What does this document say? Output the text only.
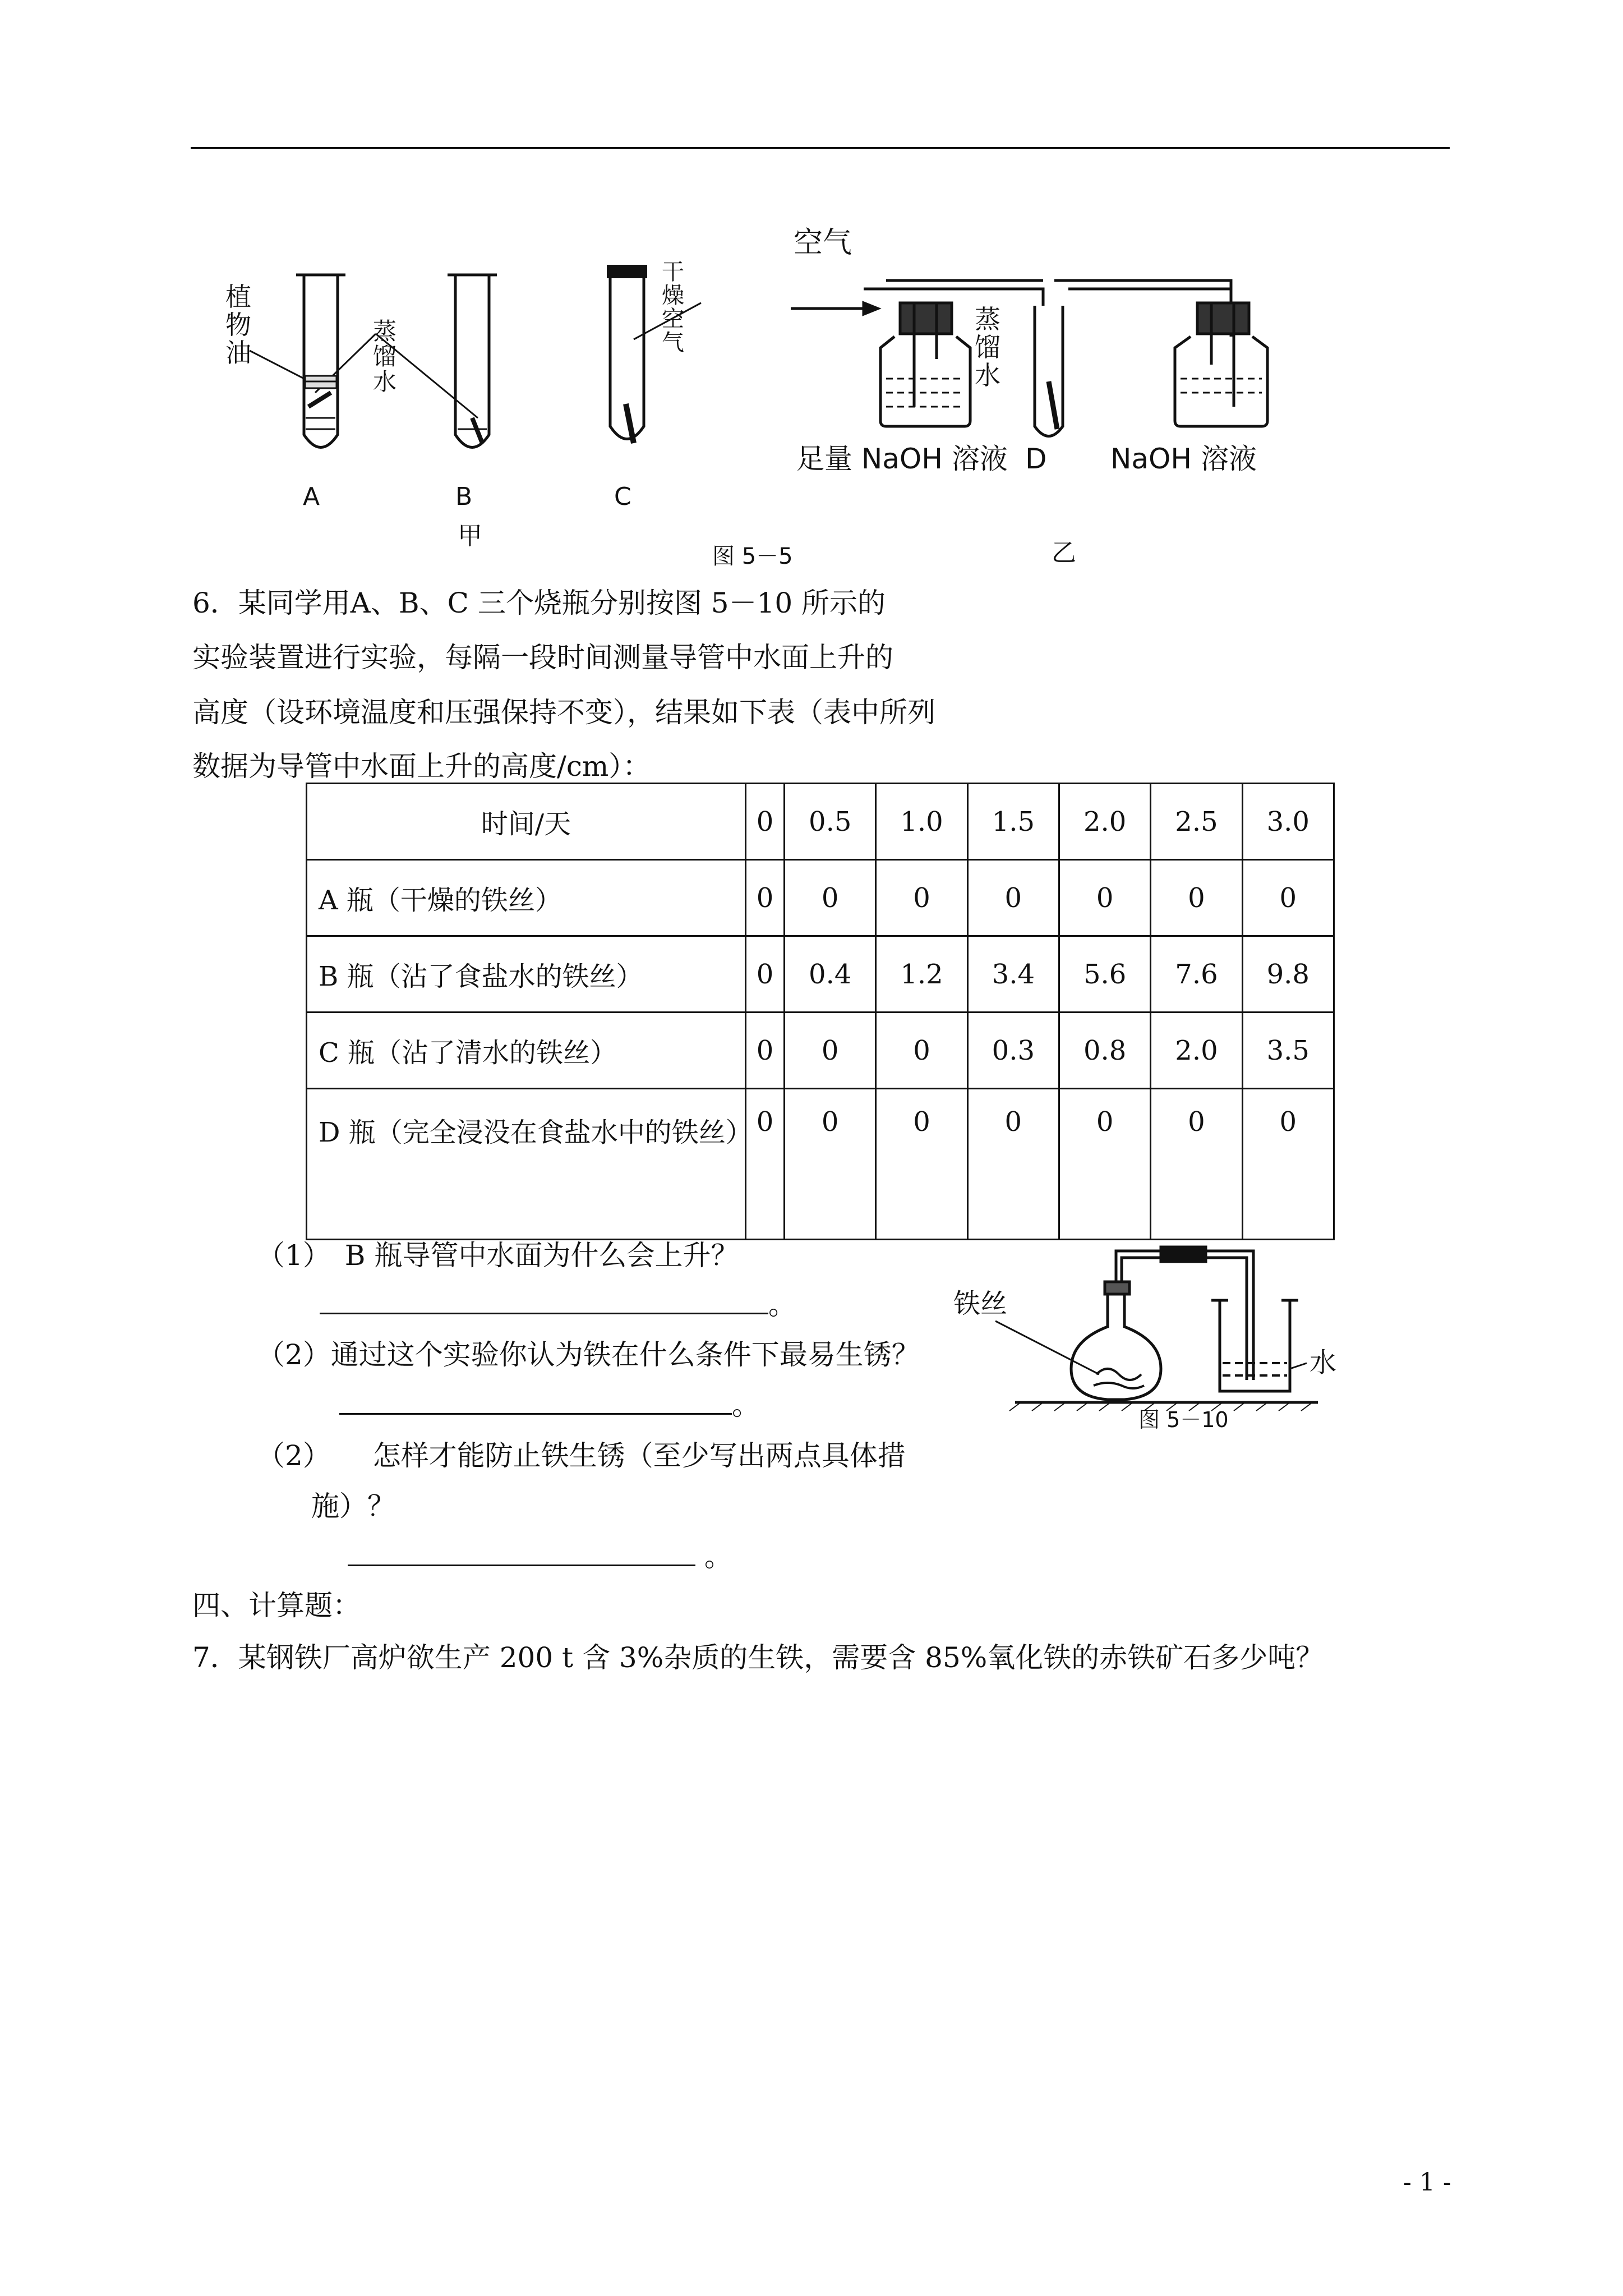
植物油
蒸馏水
干燥空气
A	B
甲
C
空气
蒸馏水
足量 NaOH 溶液 D NaOH 溶液
乙
图 5－5
6．某同学用A、B、C 三个烧瓶分别按图 5－10 所示的
实验装置进行实验，每隔一段时间测量导管中水面上升的
高度（设环境温度和压强保持不变），结果如下表（表中所列
数据为导管中水面上升的高度/cm）：
时间/天	0	0.5	1.0	1.5	2.0	2.5	3.0
A 瓶（干燥的铁丝）	0	0	0	0	0	0	0
B 瓶（沾了食盐水的铁丝）	0	0.4	1.2	3.4	5.6	7.6	9.8
C 瓶（沾了清水的铁丝）	0	0	0	0.3	0.8	2.0	3.5
D 瓶（完全浸没在食盐水中的铁丝）	0	0	0	0	0	0	0
（1）　B 瓶导管中水面为什么会上升？
。
（2）通过这个实验你认为铁在什么条件下最易生锈？
。
（2）　　怎样才能防止铁生锈（至少写出两点具体措
施）？
。
铁丝
水
图 5－10
四、计算题：
7．某钢铁厂高炉欲生产 200 t 含 3%杂质的生铁，需要含 85%氧化铁的赤铁矿石多少吨？
- 1 -
